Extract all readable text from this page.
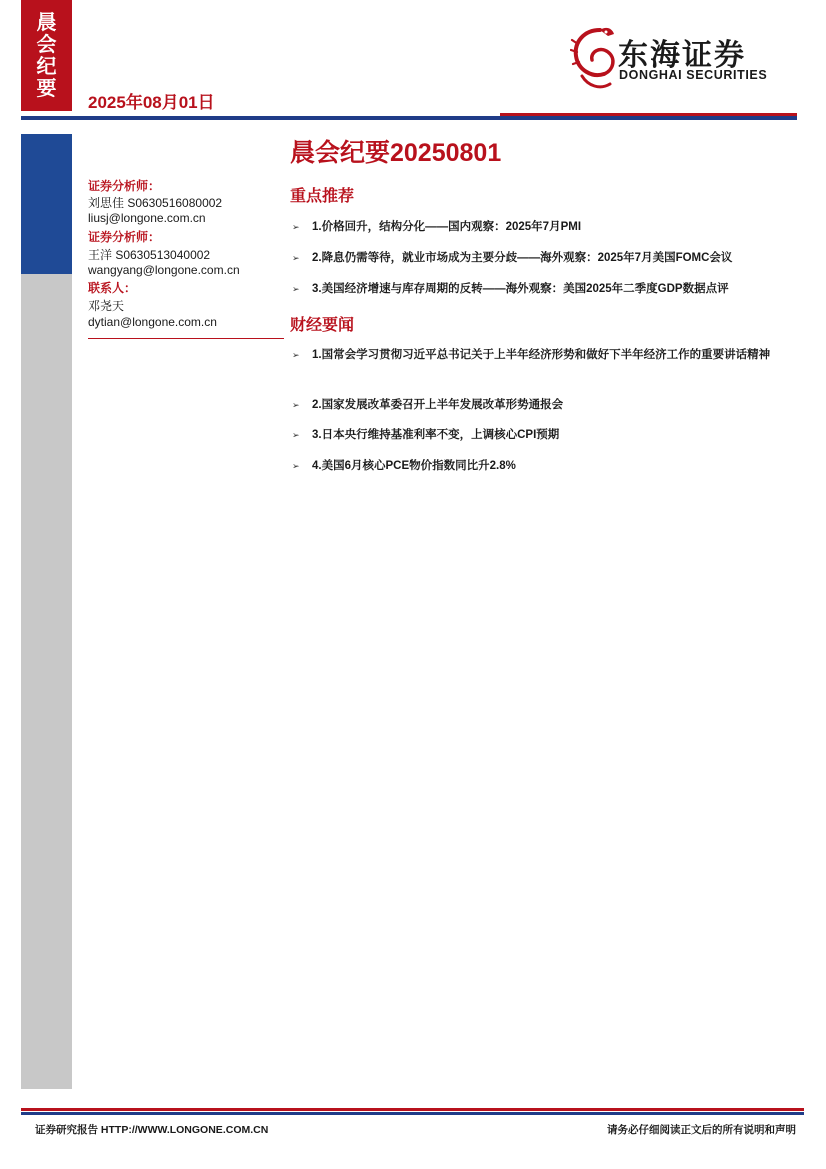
晨
会
纪
要
2025年08月01日
东海证券
DONGHAI SECURITIES
证券分析师：
刘思佳 S0630516080002
liusj@longone.com.cn
证券分析师：
王洋 S0630513040002
wangyang@longone.com.cn
联系人：
邓尧天
dytian@longone.com.cn
晨会纪要20250801
重点推荐
➢ 1.价格回升，结构分化——国内观察：2025年7月PMI
➢ 2.降息仍需等待，就业市场成为主要分歧——海外观察：2025年7月美国FOMC会议
➢ 3.美国经济增速与库存周期的反转——海外观察：美国2025年二季度GDP数据点评
财经要闻
➢ 1.国常会学习贯彻习近平总书记关于上半年经济形势和做好下半年经济工作的重要讲话精神
➢ 2.国家发展改革委召开上半年发展改革形势通报会
➢ 3.日本央行维持基准利率不变，上调核心CPI预期
➢ 4.美国6月核心PCE物价指数同比升2.8%
证券研究报告 HTTP://WWW.LONGONE.COM.CN	请务必仔细阅读正文后的所有说明和声明
